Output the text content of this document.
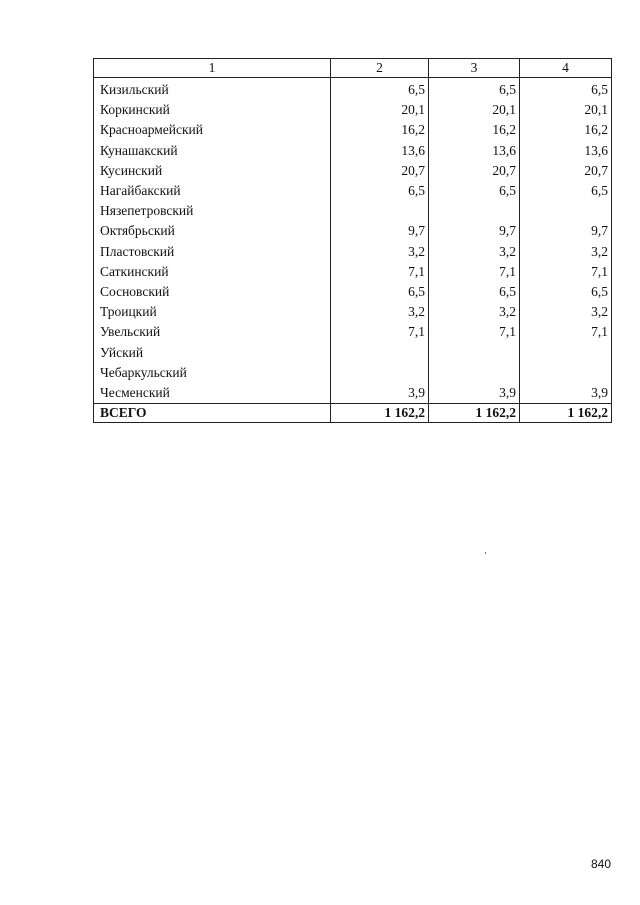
1	2	3	4
Кизильский	6,5	6,5	6,5
Коркинский	20,1	20,1	20,1
Красноармейский	16,2	16,2	16,2
Кунашакский	13,6	13,6	13,6
Кусинский	20,7	20,7	20,7
Нагайбакский	6,5	6,5	6,5
Нязепетровский			
Октябрьский	9,7	9,7	9,7
Пластовский	3,2	3,2	3,2
Саткинский	7,1	7,1	7,1
Сосновский	6,5	6,5	6,5
Троицкий	3,2	3,2	3,2
Увельский	7,1	7,1	7,1
Уйский			
Чебаркульский			
Чесменский	3,9	3,9	3,9
ВСЕГО	1 162,2	1 162,2	1 162,2
840
